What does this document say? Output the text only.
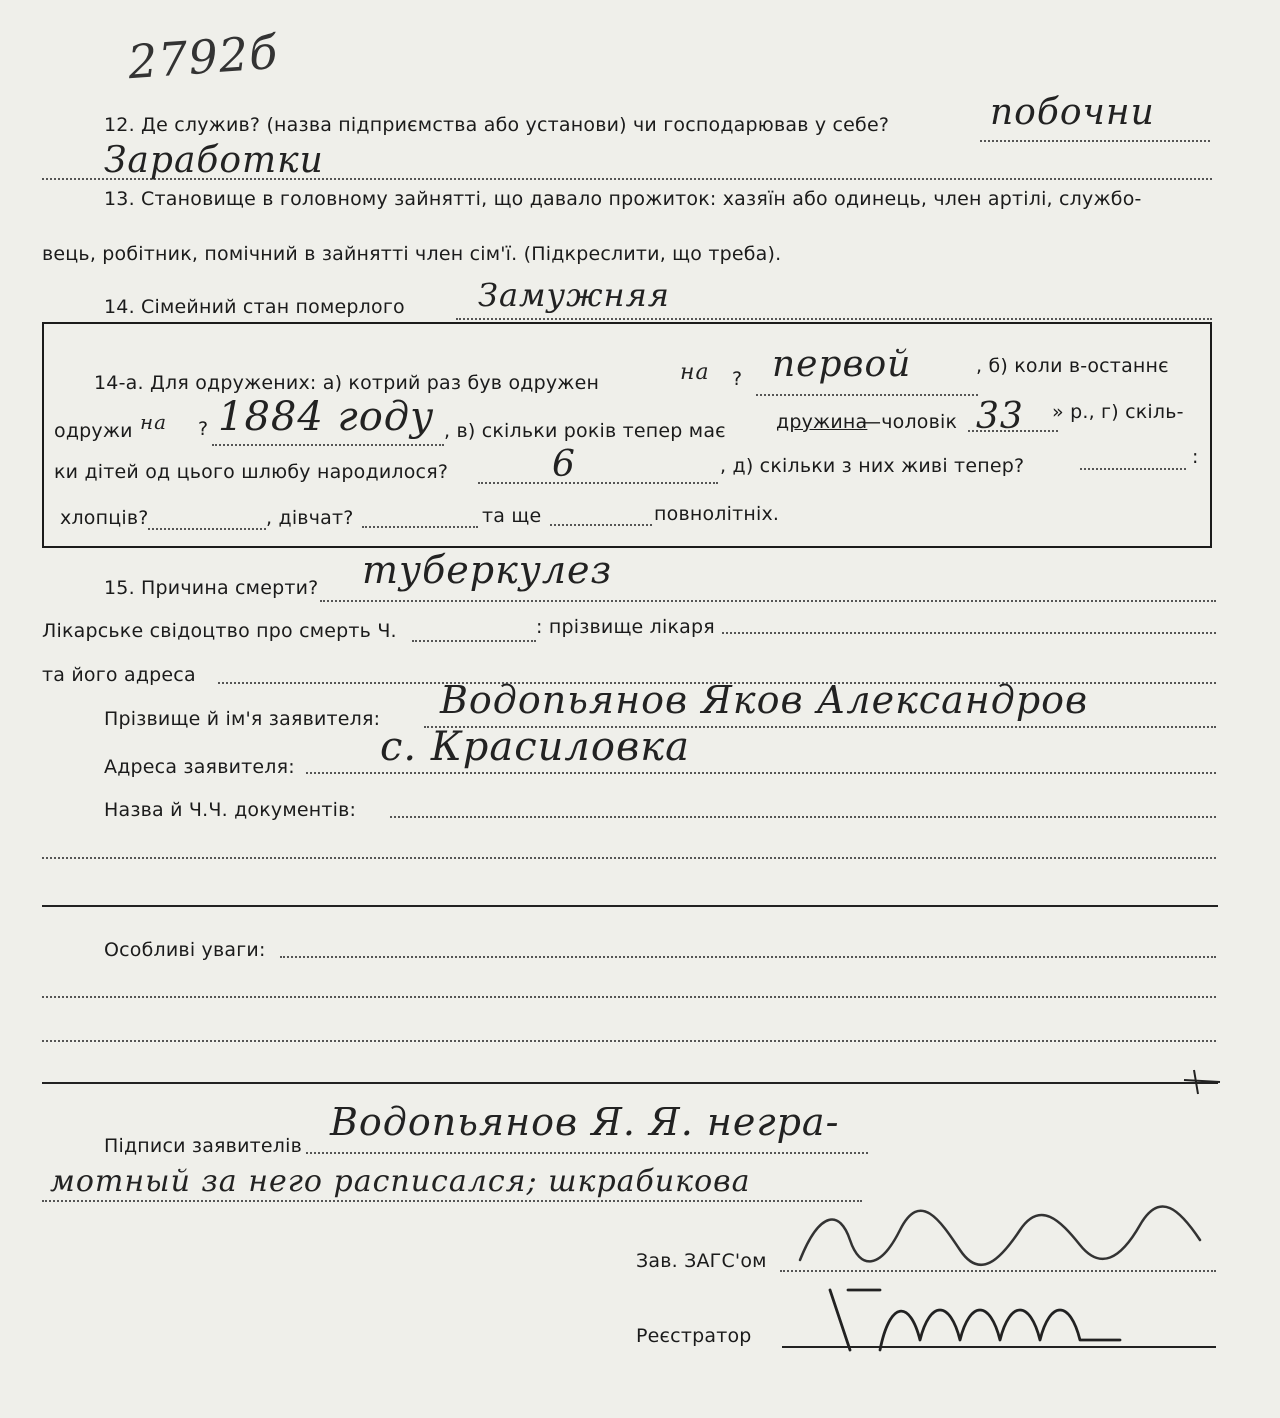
2792б
12. Де служив? (назва підприємства або установи) чи господарював у себе?	побочни
Заработки
13. Становище в головному зайнятті, що давало прожиток: хазяїн або одинець, член артілі, службо-
вець, робітник, помічний в зайнятті член сім'ї. (Підкреслити, що треба).
14. Сімейний стан померлого Замужняя
14-а. Для одружених: а) котрий раз був одружен	на ? первой	, б) коли в-останнє
одружи на ? 1884 году , в) скільки років тепер має	дружина
—чоловік 33 » р., г) скіль-
ки дітей од цього шлюбу народилося?	6	, д) скільки з них живі тепер?	:
хлопців?	, дівчат?	та ще	повнолітніх.
15. Причина смерти? туберкулез
Лікарське свідоцтво про смерть Ч.	: прізвище лікаря
та його адреса
Прізвище й ім'я заявителя: Водопьянов Яков Александров
Адреса заявителя: с. Красиловка
Назва й Ч.Ч. документів:
Особливі уваги:
Підписи заявителів
Водопьянов Я. Я. негра-
мотный за него расписался; шкрабикова
Зав. ЗАГС'ом
Реєстратор
